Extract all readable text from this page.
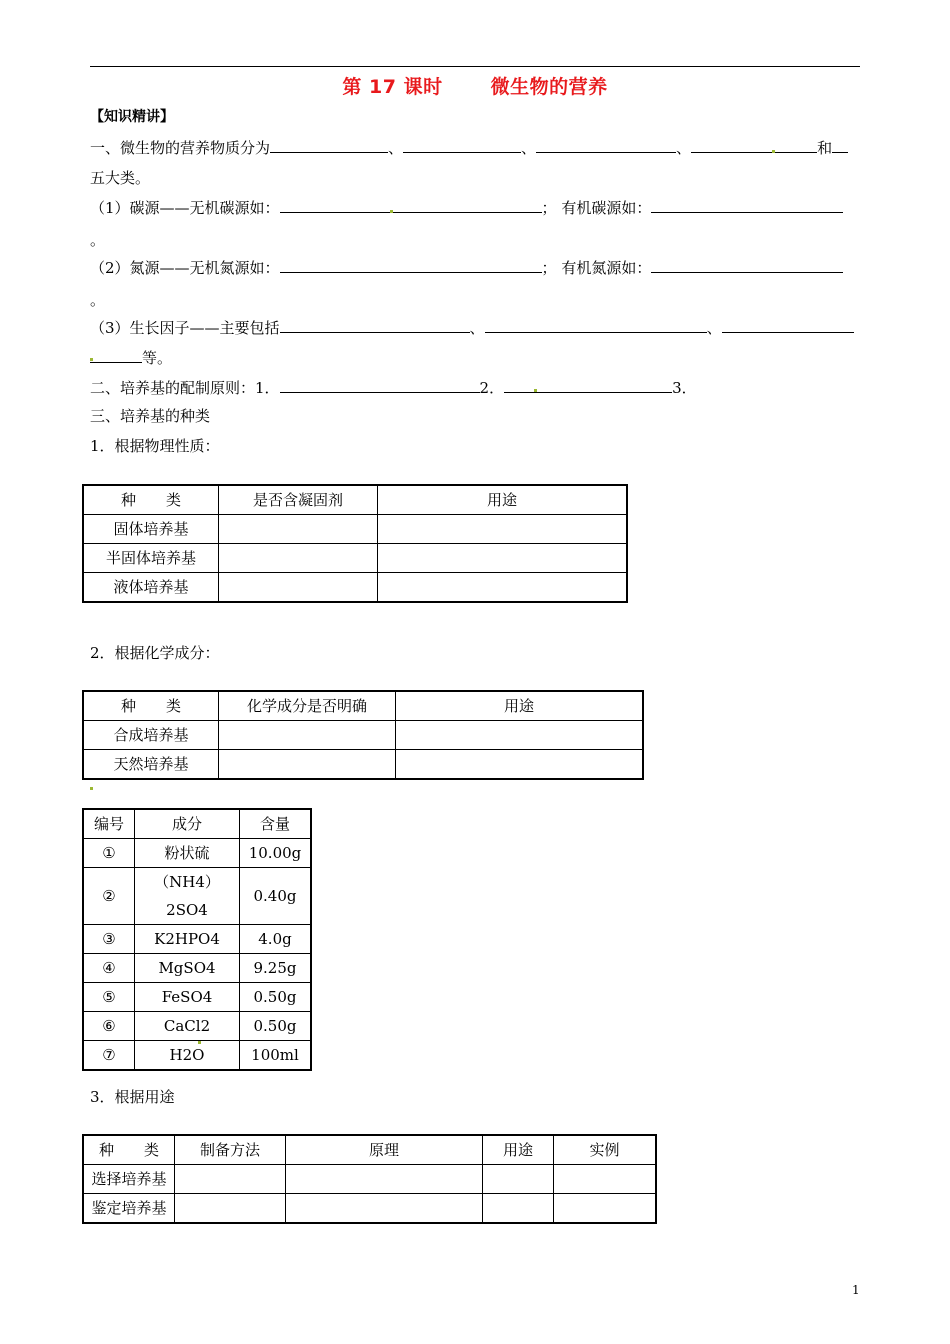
第 17 课时	微生物的营养
【知识精讲】
一、微生物的营养物质分为	、	、	、	和
五大类。
（1）碳源——无机碳源如：	； 有机碳源如：
。
（2）氮源——无机氮源如：	； 有机氮源如：
。
（3）生长因子——主要包括	、	、
等。
二、培养基的配制原则：1．	2．	3．
三、培养基的种类
1．根据物理性质：
种　　类	是否含凝固剂	用途
固体培养基		
半固体培养基		
液体培养基		
2．根据化学成分：
种　　类	化学成分是否明确	用途
合成培养基		
天然培养基		
编号	成分	含量
①	粉状硫	10.00g
②	（NH4）2SO4	0.40g
③	K2HPO4	4.0g
④	MgSO4	9.25g
⑤	FeSO4	0.50g
⑥	CaCl2	0.50g
⑦	H2O	100ml
3．根据用途
种　　类	制备方法	原理	用途	实例
选择培养基				
鉴定培养基				
1
